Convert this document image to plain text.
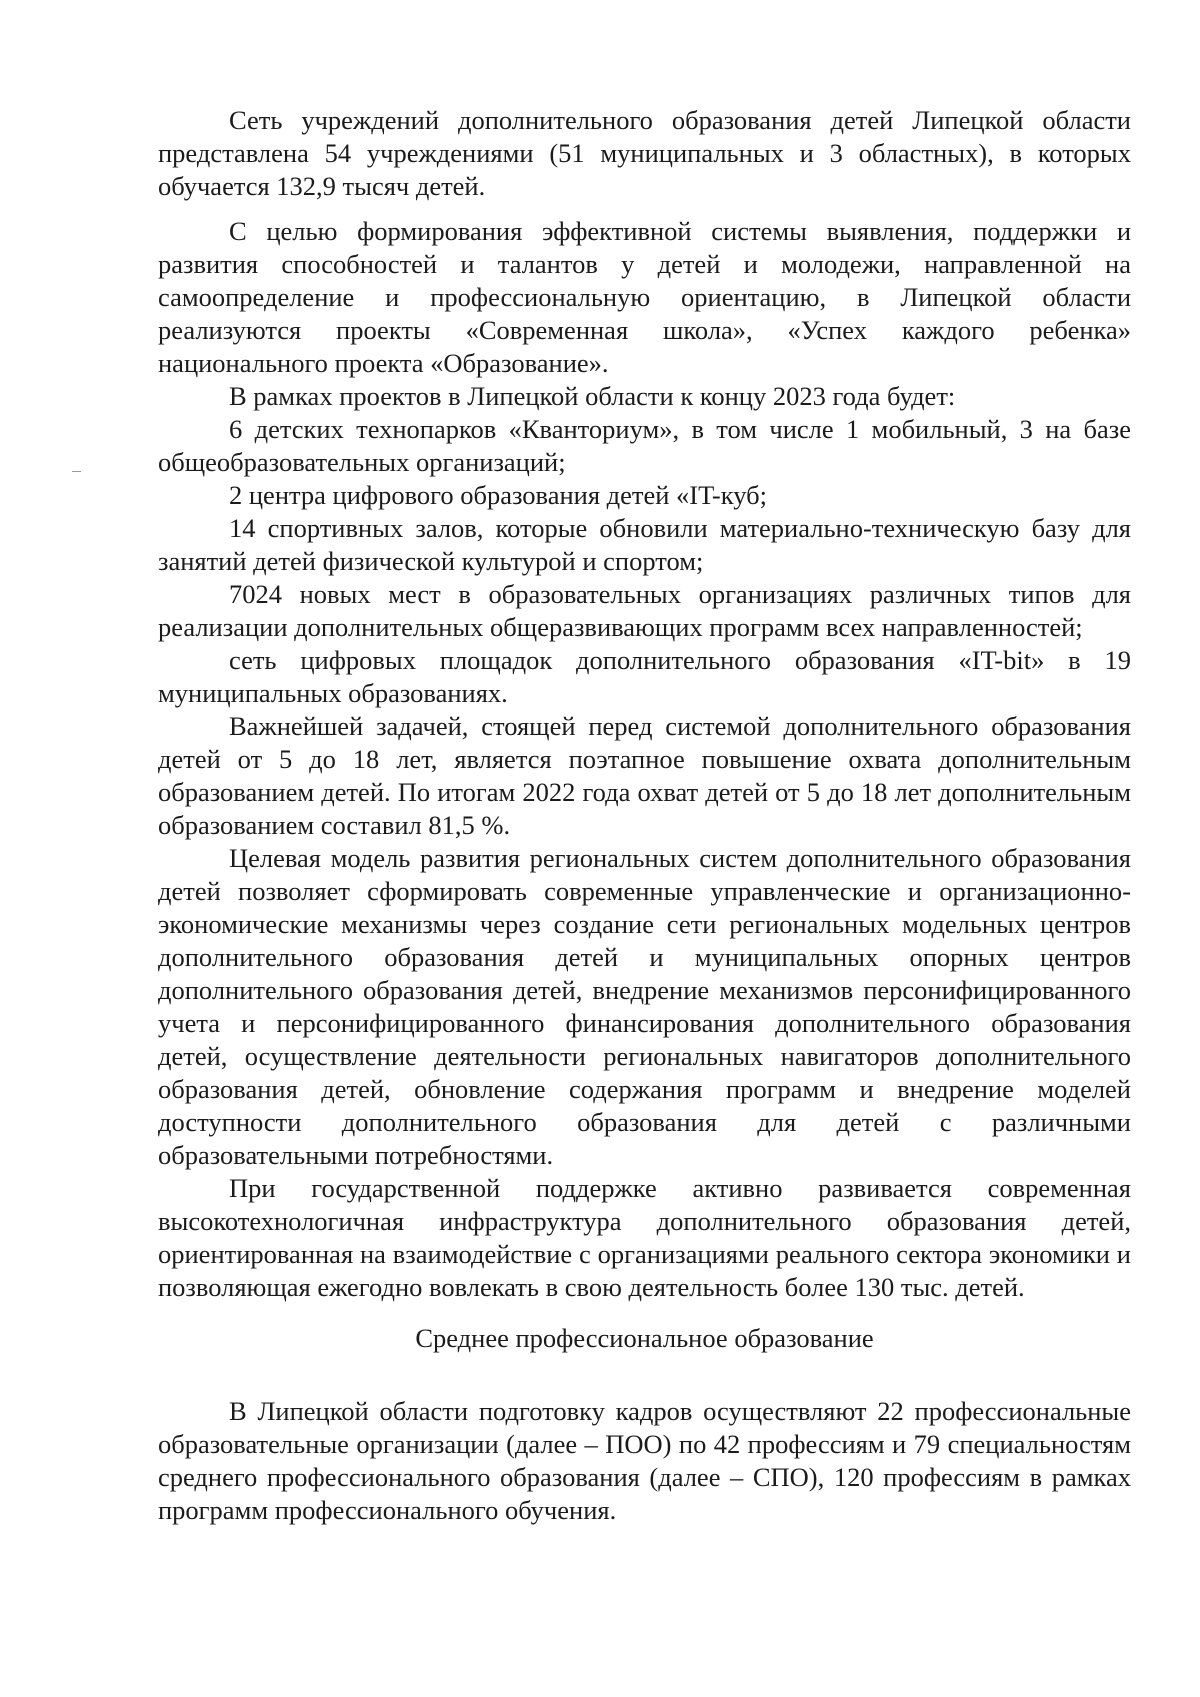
Сеть учреждений дополнительного образования детей Липецкой области представлена 54 учреждениями (51 муниципальных и 3 областных), в которых обучается 132,9 тысяч детей.

С целью формирования эффективной системы выявления, поддержки и развития способностей и талантов у детей и молодежи, направленной на самоопределение и профессиональную ориентацию, в Липецкой области реализуются проекты «Современная школа», «Успех каждого ребенка» национального проекта «Образование».

В рамках проектов в Липецкой области к концу 2023 года будет:

6 детских технопарков «Кванториум», в том числе 1 мобильный, 3 на базе общеобразовательных организаций;

2 центра цифрового образования детей «IT-куб;

14 спортивных залов, которые обновили материально-техническую базу для занятий детей физической культурой и спортом;

7024 новых мест в образовательных организациях различных типов для реализации дополнительных общеразвивающих программ всех направленностей;

сеть цифровых площадок дополнительного образования «IT-bit» в 19 муниципальных образованиях.

Важнейшей задачей, стоящей перед системой дополнительного образования детей от 5 до 18 лет, является поэтапное повышение охвата дополнительным образованием детей. По итогам 2022 года охват детей от 5 до 18 лет дополнительным образованием составил 81,5 %.

Целевая модель развития региональных систем дополнительного образования детей позволяет сформировать современные управленческие и организационно-экономические механизмы через создание сети региональных модельных центров дополнительного образования детей и муниципальных опорных центров дополнительного образования детей, внедрение механизмов персонифицированного учета и персонифицированного финансирования дополнительного образования детей, осуществление деятельности региональных навигаторов дополнительного образования детей, обновление содержания программ и внедрение моделей доступности дополнительного образования для детей с различными образовательными потребностями.

При государственной поддержке активно развивается современная высокотехнологичная инфраструктура дополнительного образования детей, ориентированная на взаимодействие с организациями реального сектора экономики и позволяющая ежегодно вовлекать в свою деятельность более 130 тыс. детей.

Среднее профессиональное образование

В Липецкой области подготовку кадров осуществляют 22 профессиональные образовательные организации (далее – ПОО) по 42 профессиям и 79 специальностям среднего профессионального образования (далее – СПО), 120 профессиям в рамках программ профессионального обучения.
